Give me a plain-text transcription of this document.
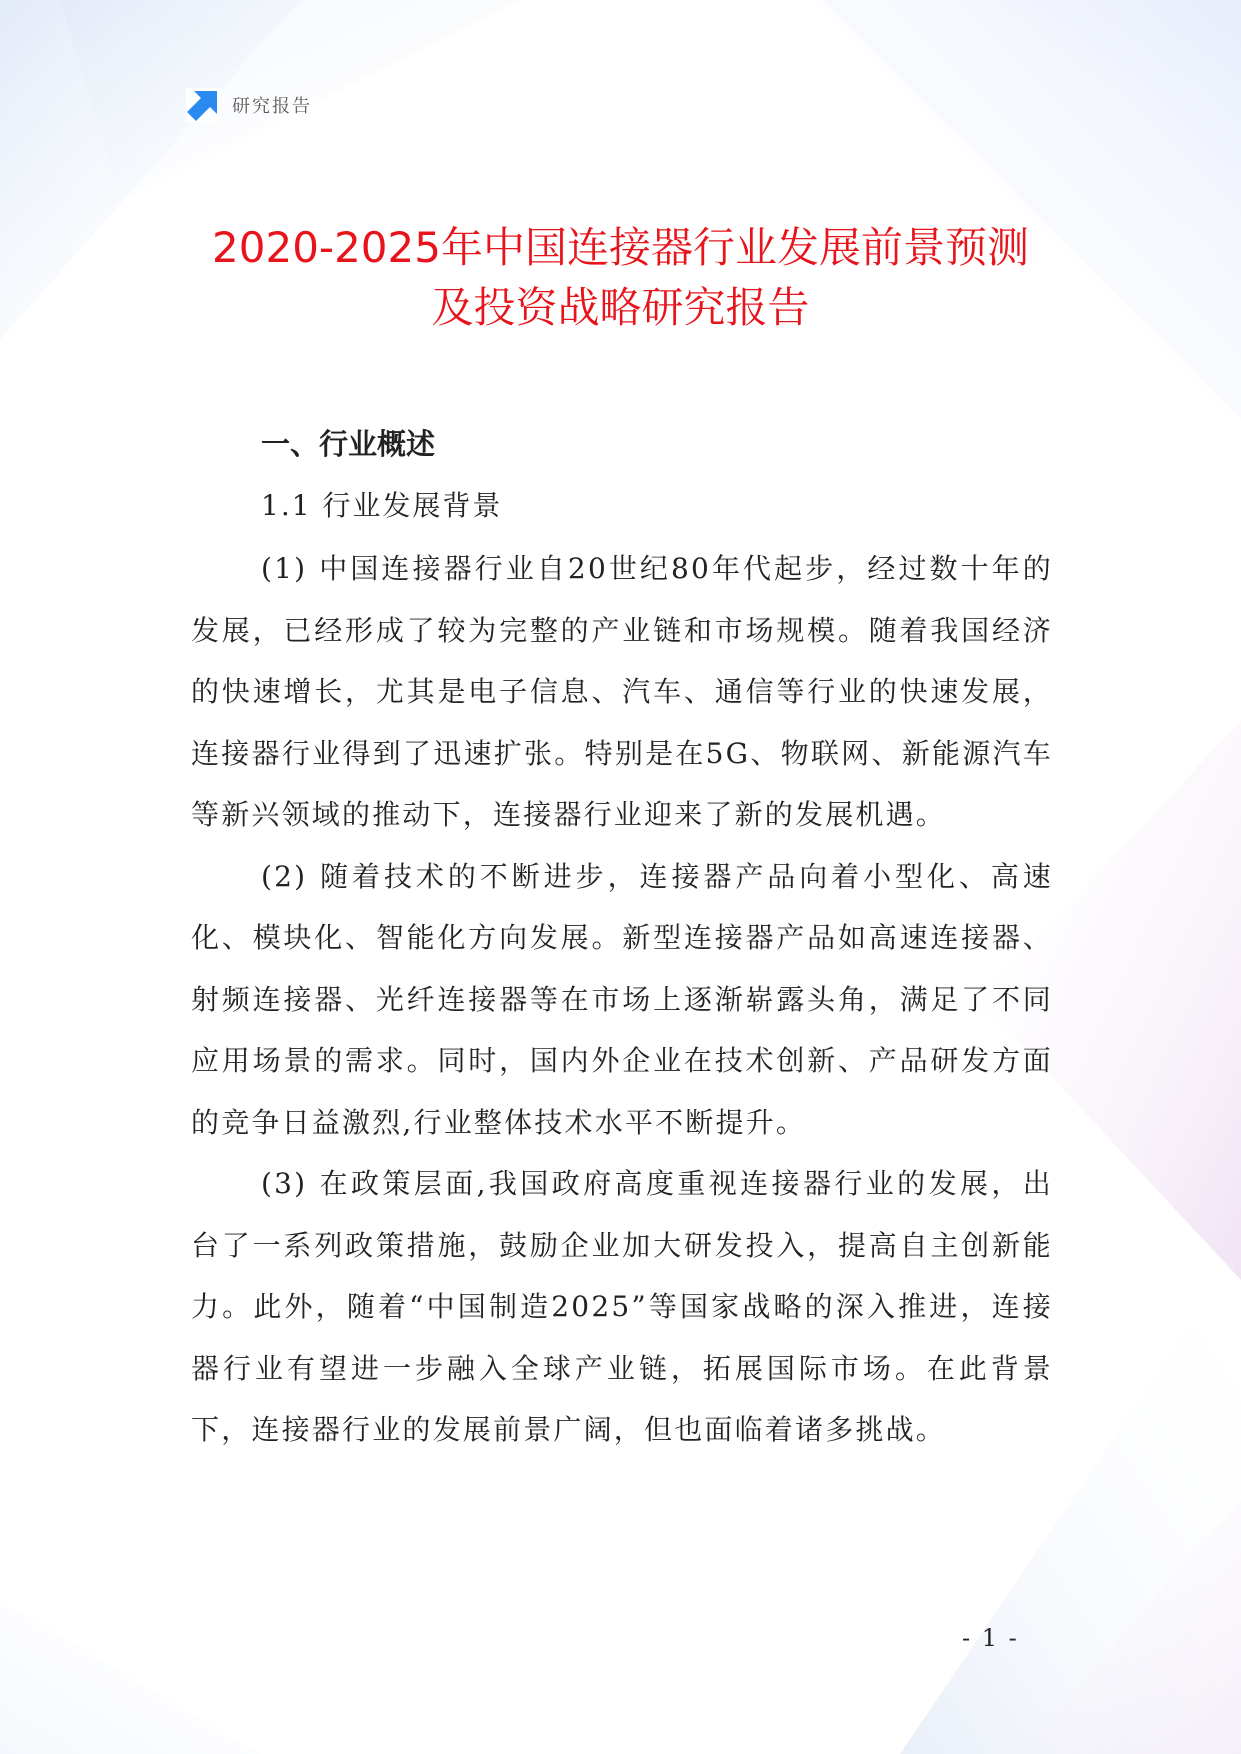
研究报告
2020-2025年中国连接器行业发展前景预测
及投资战略研究报告
一、行业概述
1.1 行业发展背景

(1) 中国连接器行业自20世纪80年代起步，经过数十年的发展，已经形成了较为完整的产业链和市场规模。随着我国经济的快速增长，尤其是电子信息、汽车、通信等行业的快速发展，连接器行业得到了迅速扩张。特别是在5G、物联网、新能源汽车等新兴领域的推动下，连接器行业迎来了新的发展机遇。

(2) 随着技术的不断进步，连接器产品向着小型化、高速化、模块化、智能化方向发展。新型连接器产品如高速连接器、射频连接器、光纤连接器等在市场上逐渐崭露头角，满足了不同应用场景的需求。同时，国内外企业在技术创新、产品研发方面的竞争日益激烈,行业整体技术水平不断提升。

(3) 在政策层面,我国政府高度重视连接器行业的发展，出台了一系列政策措施，鼓励企业加大研发投入，提高自主创新能力。此外，随着“中国制造2025”等国家战略的深入推进，连接器行业有望进一步融入全球产业链，拓展国际市场。在此背景下，连接器行业的发展前景广阔，但也面临着诸多挑战。

- 1 -
